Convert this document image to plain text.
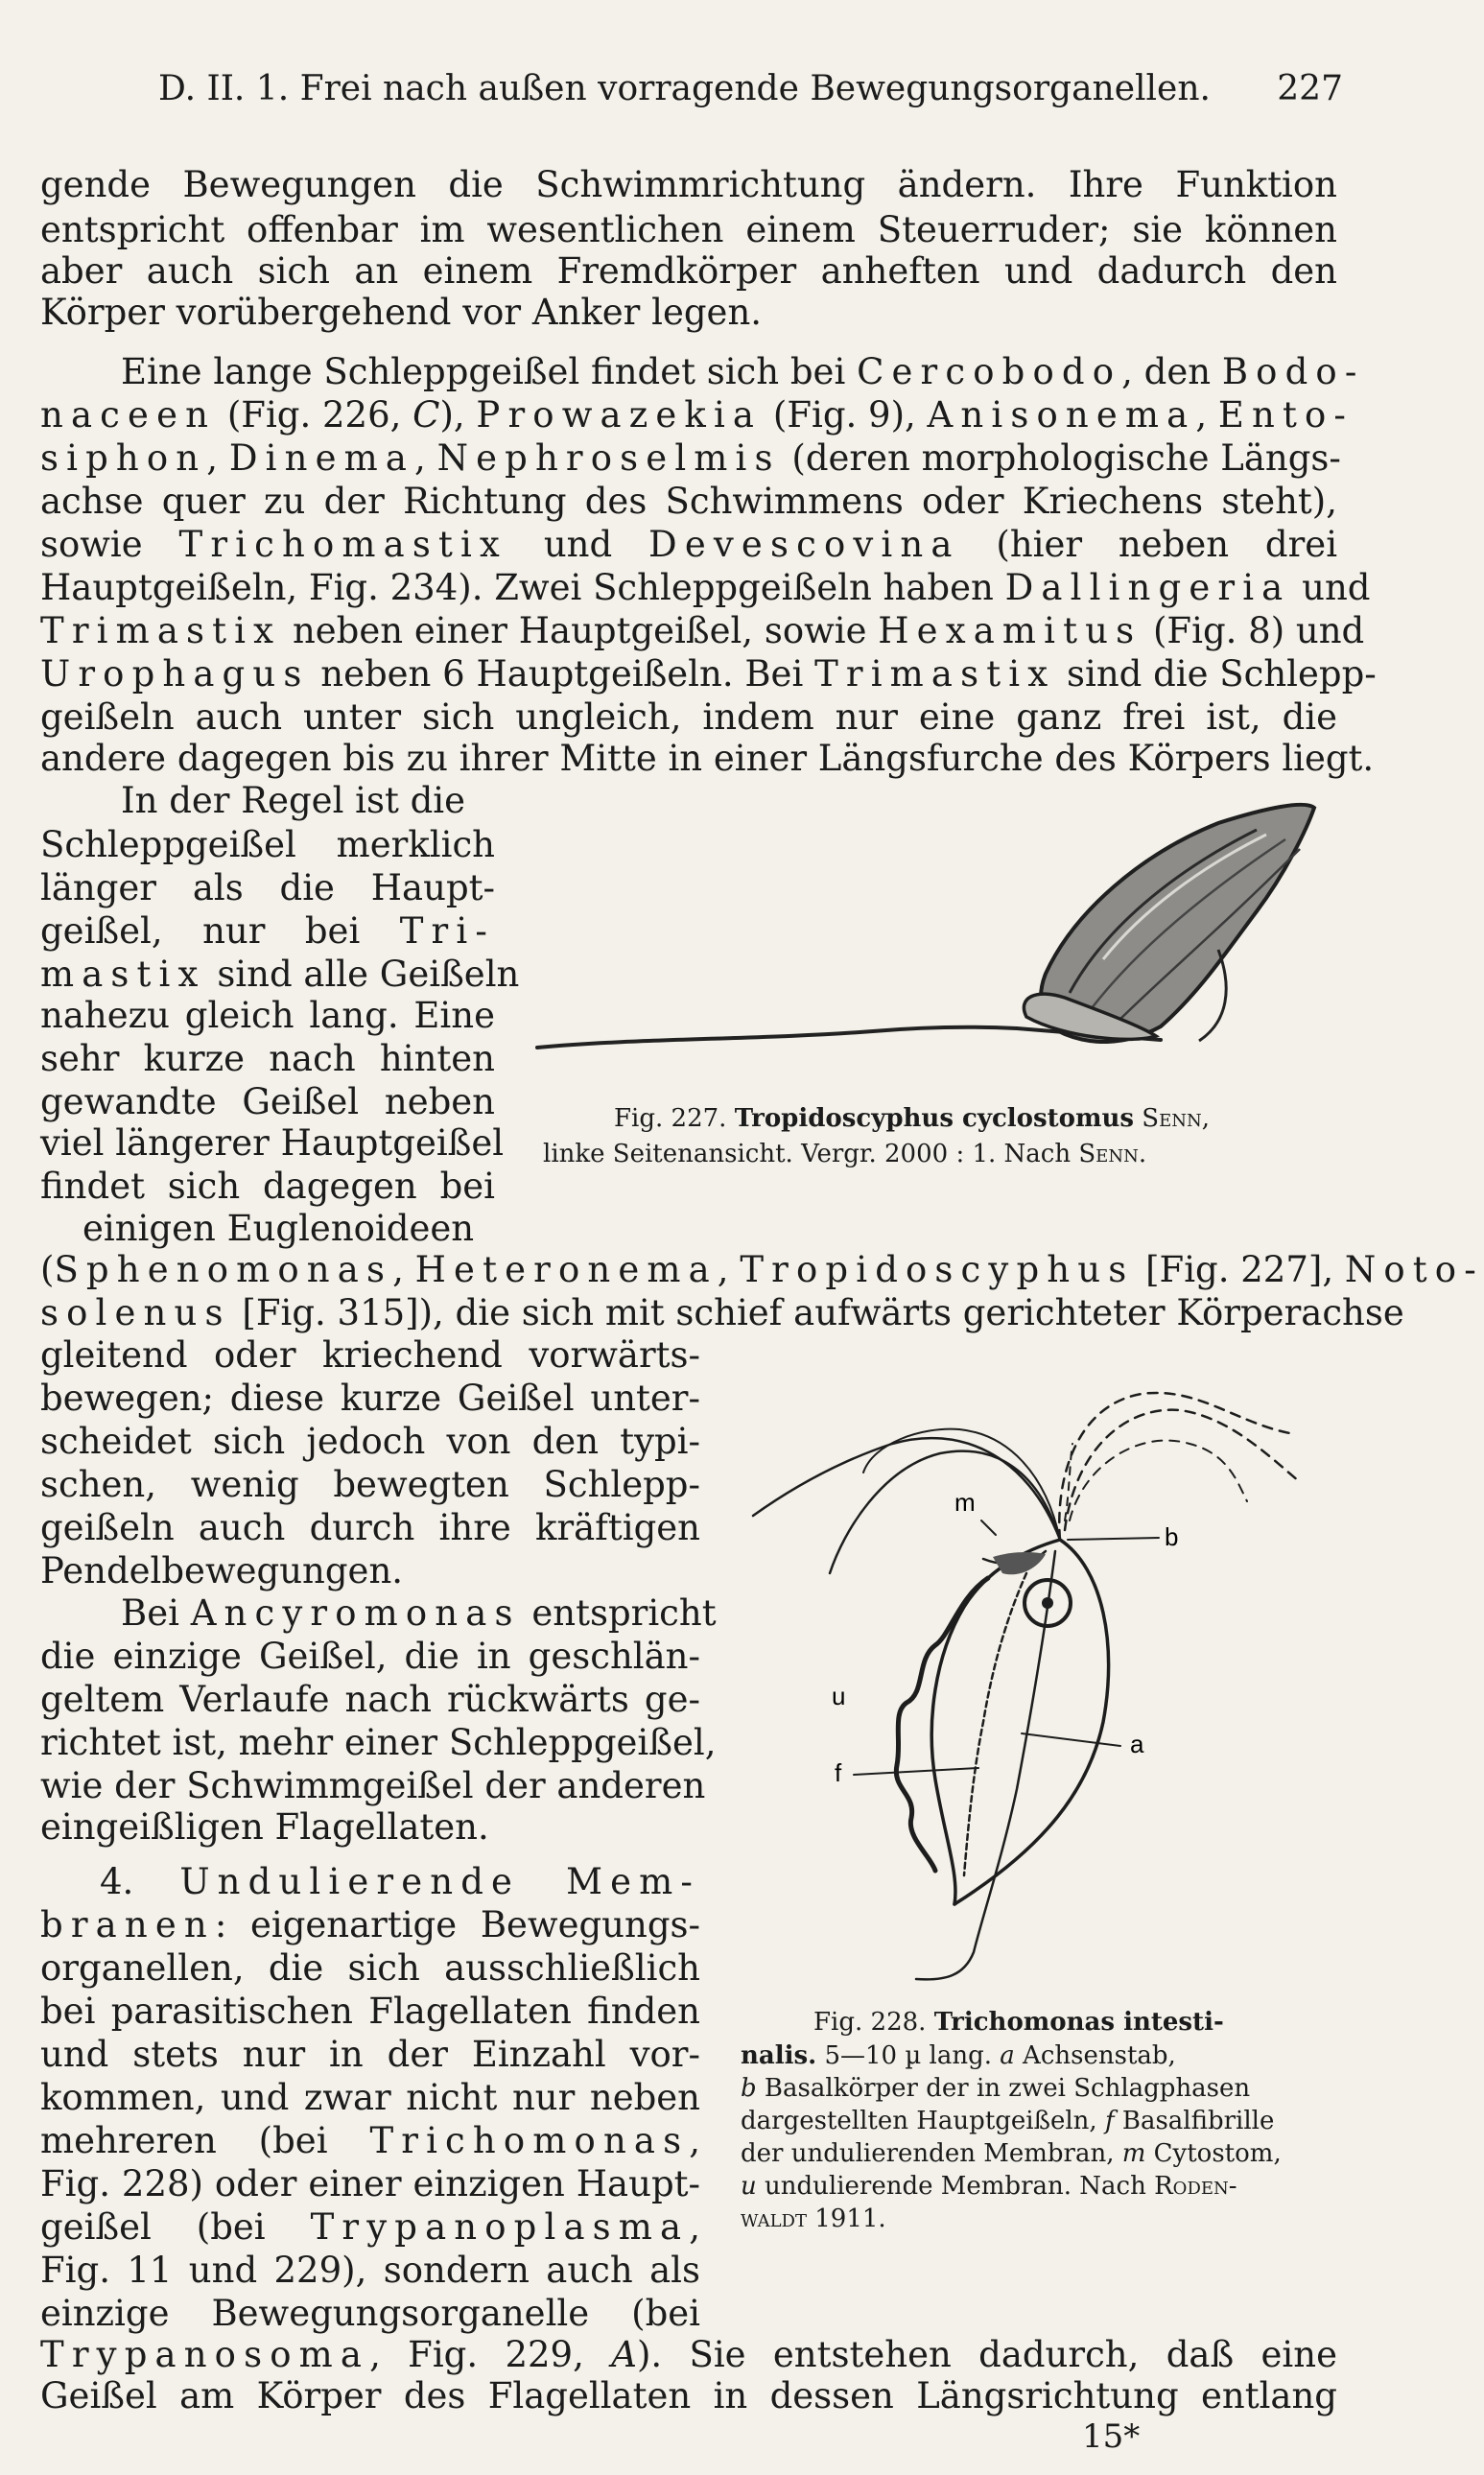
D. II. 1. Frei nach außen vorragende Bewegungsorganellen. 227
gende Bewegungen die Schwimmrichtung ändern. Ihre Funktion
entspricht offenbar im wesentlichen einem Steuerruder; sie können
aber auch sich an einem Fremdkörper anheften und dadurch den
Körper vorübergehend vor Anker legen.
Eine lange Schleppgeißel findet sich bei Cercobodo, den Bodo-
naceen (Fig. 226, C), Prowazekia (Fig. 9), Anisonema, Ento-
siphon, Dinema, Nephroselmis (deren morphologische Längs-
achse quer zu der Richtung des Schwimmens oder Kriechens steht),
sowie Trichomastix und Devescovina (hier neben drei
Hauptgeißeln, Fig. 234). Zwei Schleppgeißeln haben Dallingeria und
Trimastix neben einer Hauptgeißel, sowie Hexamitus (Fig. 8) und
Urophagus neben 6 Hauptgeißeln. Bei Trimastix sind die Schlepp-
geißeln auch unter sich ungleich, indem nur eine ganz frei ist, die
andere dagegen bis zu ihrer Mitte in einer Längsfurche des Körpers liegt.
In der Regel ist die
Schleppgeißel merklich
länger als die Haupt-
geißel, nur bei Tri-
mastix sind alle Geißeln
nahezu gleich lang. Eine
sehr kurze nach hinten
gewandte Geißel neben
viel längerer Hauptgeißel
findet sich dagegen bei
einigen Euglenoideen
(Sphenomonas, Heteronema, Tropidoscyphus [Fig. 227], Noto-
solenus [Fig. 315]), die sich mit schief aufwärts gerichteter Körperachse
gleitend oder kriechend vorwärts-
bewegen; diese kurze Geißel unter-
scheidet sich jedoch von den typi-
schen, wenig bewegten Schlepp-
geißeln auch durch ihre kräftigen
Pendelbewegungen.
Bei Ancyromonas entspricht
die einzige Geißel, die in geschlän-
geltem Verlaufe nach rückwärts ge-
richtet ist, mehr einer Schleppgeißel,
wie der Schwimmgeißel der anderen
eingeißligen Flagellaten.
4. Undulierende Mem-
branen: eigenartige Bewegungs-
organellen, die sich ausschließlich
bei parasitischen Flagellaten finden
und stets nur in der Einzahl vor-
kommen, und zwar nicht nur neben
mehreren (bei Trichomonas,
Fig. 228) oder einer einzigen Haupt-
geißel (bei Trypanoplasma,
Fig. 11 und 229), sondern auch als
einzige Bewegungsorganelle (bei
Trypanosoma, Fig. 229, A). Sie entstehen dadurch, daß eine
Geißel am Körper des Flagellaten in dessen Längsrichtung entlang
Fig. 227. Tropidoscyphus cyclostomus Senn,
linke Seitenansicht. Vergr. 2000 : 1. Nach Senn.
m
b
u
a
f
Fig. 228. Trichomonas intesti-
nalis. 5—10 µ lang. a Achsenstab,
b Basalkörper der in zwei Schlagphasen
dargestellten Hauptgeißeln, f Basalfibrille
der undulierenden Membran, m Cytostom,
u undulierende Membran. Nach Roden-
waldt 1911.
15*
